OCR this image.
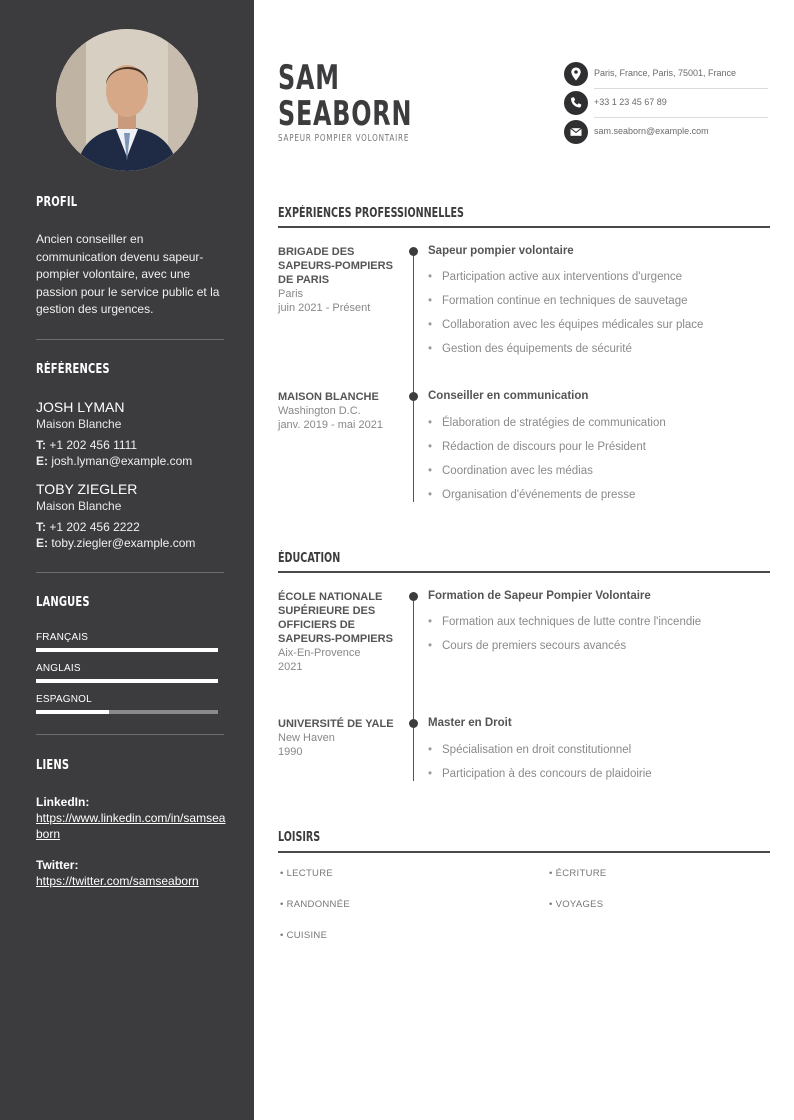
PROFIL
Ancien conseiller en communication devenu sapeur-pompier volontaire, avec une passion pour le service public et la gestion des urgences.
RÉFÉRENCES
JOSH LYMAN
Maison Blanche
T: +1 202 456 1111
E: josh.lyman@example.com
TOBY ZIEGLER
Maison Blanche
T: +1 202 456 2222
E: toby.ziegler@example.com
LANGUES
FRANÇAIS
ANGLAIS
ESPAGNOL
LIENS
LinkedIn:
https://www.linkedin.com/in/samseaborn
Twitter:
https://twitter.com/samseaborn
SAM
SEABORN
SAPEUR POMPIER VOLONTAIRE
Paris, France, Paris, 75001, France
+33 1 23 45 67 89
sam.seaborn@example.com
EXPÉRIENCES PROFESSIONNELLES
BRIGADE DES SAPEURS-POMPIERS DE PARIS
Paris
juin 2021 - Présent
Sapeur pompier volontaire
• Participation active aux interventions d'urgence
• Formation continue en techniques de sauvetage
• Collaboration avec les équipes médicales sur place
• Gestion des équipements de sécurité
MAISON BLANCHE
Washington D.C.
janv. 2019 - mai 2021
Conseiller en communication
• Élaboration de stratégies de communication
• Rédaction de discours pour le Président
• Coordination avec les médias
• Organisation d'événements de presse
ÉDUCATION
ÉCOLE NATIONALE SUPÉRIEURE DES OFFICIERS DE SAPEURS-POMPIERS
Aix-En-Provence
2021
Formation de Sapeur Pompier Volontaire
• Formation aux techniques de lutte contre l'incendie
• Cours de premiers secours avancés
UNIVERSITÉ DE YALE
New Haven
1990
Master en Droit
• Spécialisation en droit constitutionnel
• Participation à des concours de plaidoirie
LOISIRS
• LECTURE	• ÉCRITURE
• RANDONNÉE	• VOYAGES
• CUISINE
